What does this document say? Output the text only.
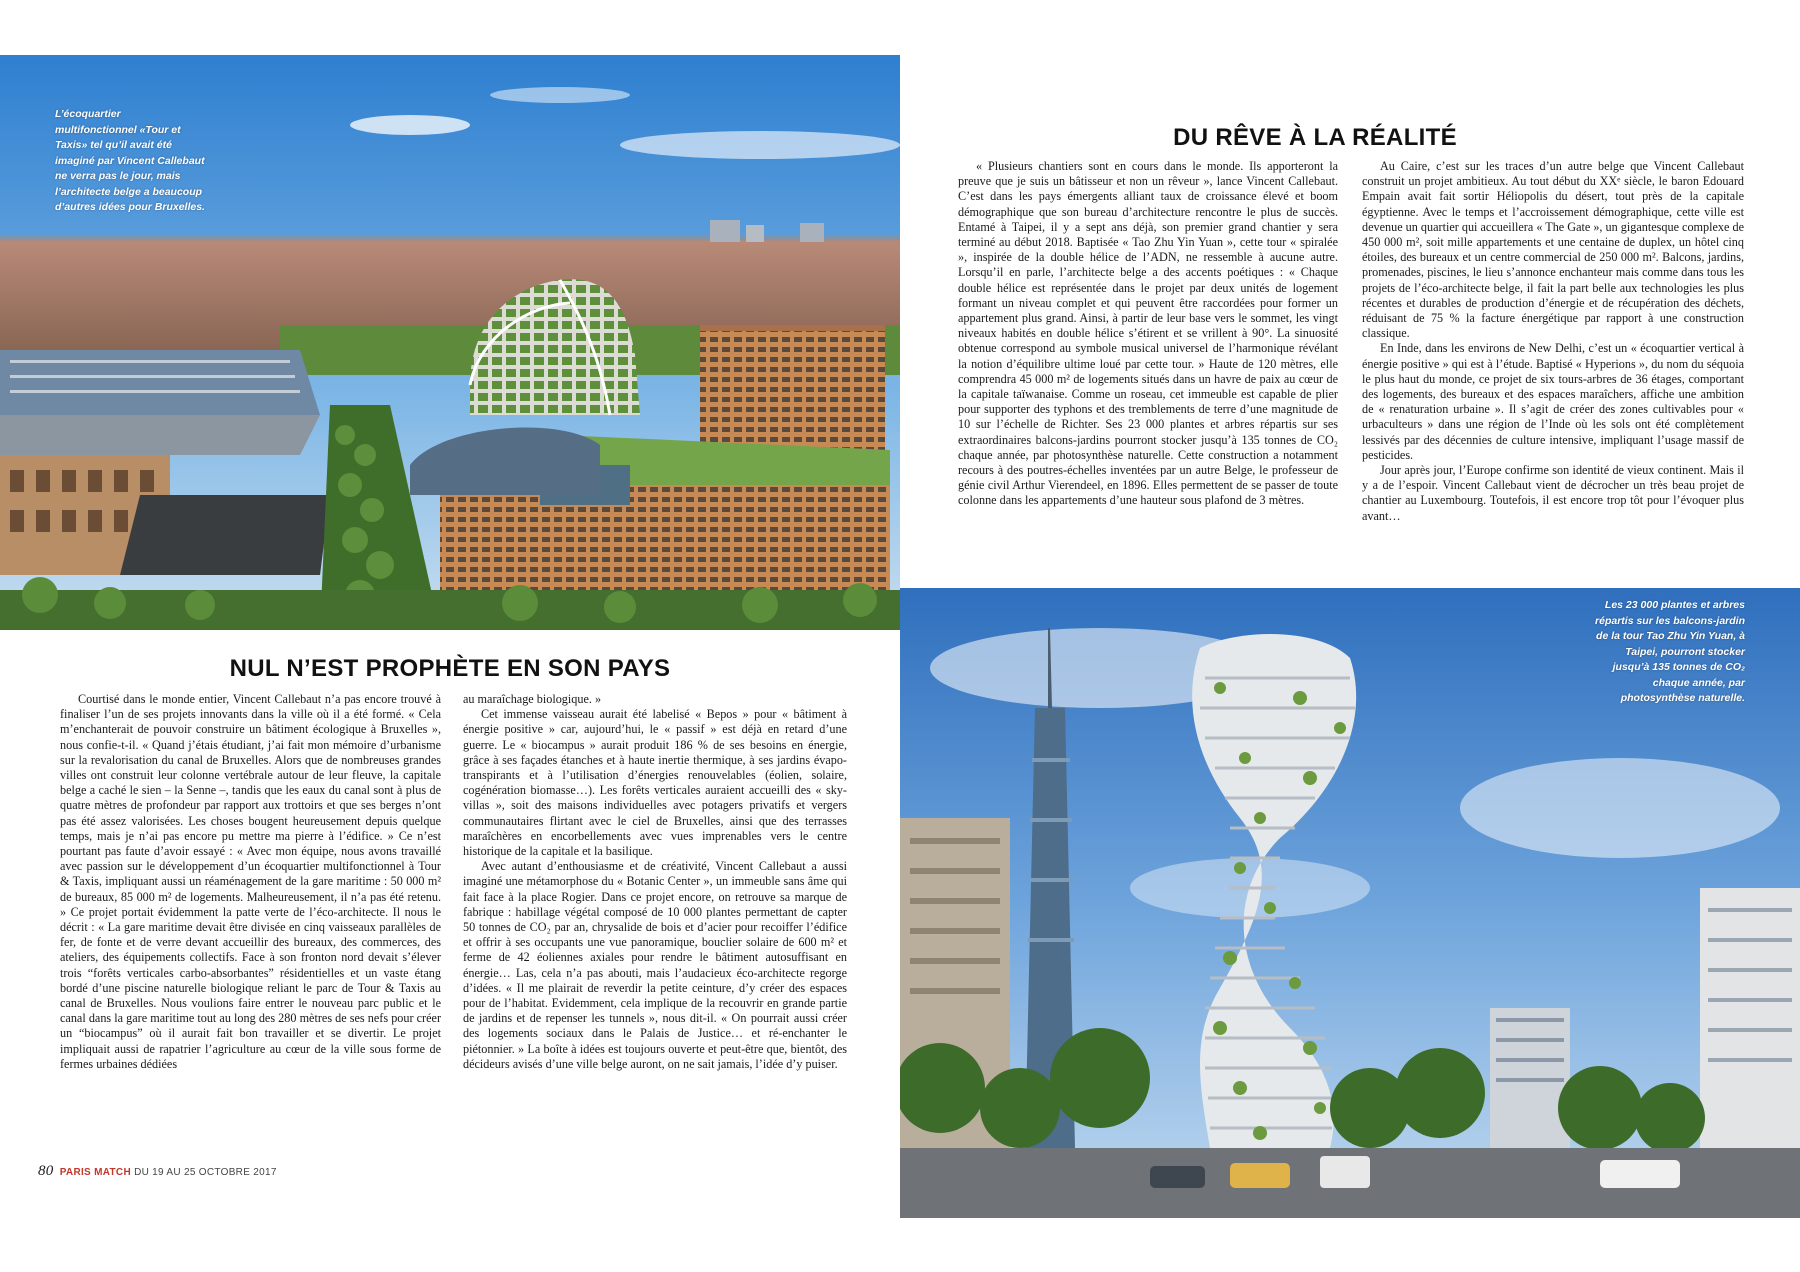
L’écoquartier multifonctionnel «Tour et Taxis» tel qu’il avait été imaginé par Vincent Callebaut ne verra pas le jour, mais l’architecte belge a beaucoup d’autres idées pour Bruxelles.
Les 23 000 plantes et arbres répartis sur les balcons-jardin de la tour Tao Zhu Yin Yuan, à Taipei, pourront stocker jusqu’à 135 tonnes de CO₂ chaque année, par photosynthèse naturelle.
DU RÊVE À LA RÉALITÉ

« Plusieurs chantiers sont en cours dans le monde. Ils apporteront la preuve que je suis un bâtisseur et non un rêveur », lance Vincent Callebaut. C’est dans les pays émergents alliant taux de croissance élevé et boom démographique que son bureau d’architecture rencontre le plus de succès. Entamé à Taipei, il y a sept ans déjà, son premier grand chantier y sera terminé au début 2018. Baptisée « Tao Zhu Yin Yuan », cette tour « spiralée », inspirée de la double hélice de l’ADN, ne ressemble à aucune autre. Lorsqu’il en parle, l’architecte belge a des accents poétiques : « Chaque double hélice est représentée dans le projet par deux unités de logement formant un niveau complet et qui peuvent être raccordées pour former un appartement plus grand. Ainsi, à partir de leur base vers le sommet, les vingt niveaux habités en double hélice s’étirent et se vrillent à 90°. La sinuosité obtenue correspond au symbole musical universel de l’harmonique révélant la notion d’équilibre ultime loué par cette tour. » Haute de 120 mètres, elle comprendra 45 000 m² de logements situés dans un havre de paix au cœur de la capitale taïwanaise. Comme un roseau, cet immeuble est capable de plier pour supporter des typhons et des tremblements de terre d’une magnitude de 10 sur l’échelle de Richter. Ses 23 000 plantes et arbres répartis sur ses extraordinaires balcons-jardins pourront stocker jusqu’à 135 tonnes de CO₂ chaque année, par photosynthèse naturelle. Cette construction a notamment recours à des poutres-échelles inventées par un autre Belge, le professeur de génie civil Arthur Vierendeel, en 1896. Elles permettent de se passer de toute colonne dans les appartements d’une hauteur sous plafond de 3 mètres.

Au Caire, c’est sur les traces d’un autre belge que Vincent Callebaut construit un projet ambitieux. Au tout début du XXᵉ siècle, le baron Edouard Empain avait fait sortir Héliopolis du désert, tout près de la capitale égyptienne. Avec le temps et l’accroissement démographique, cette ville est devenue un quartier qui accueillera « The Gate », un gigantesque complexe de 450 000 m², soit mille appartements et une centaine de duplex, un hôtel cinq étoiles, des bureaux et un centre commercial de 250 000 m². Balcons, jardins, promenades, piscines, le lieu s’annonce enchanteur mais comme dans tous les projets de l’éco-architecte belge, il fait la part belle aux technologies les plus récentes et durables de production d’énergie et de récupération des déchets, réduisant de 75 % la facture énergétique par rapport à une construction classique.

En Inde, dans les environs de New Delhi, c’est un « écoquartier vertical à énergie positive » qui est à l’étude. Baptisé « Hyperions », du nom du séquoia le plus haut du monde, ce projet de six tours-arbres de 36 étages, comportant des logements, des bureaux et des espaces maraîchers, affiche une ambition de « renaturation urbaine ». Il s’agit de créer des zones cultivables pour « urbaculteurs » dans une région de l’Inde où les sols ont été complètement lessivés par des décennies de culture intensive, impliquant l’usage massif de pesticides.

Jour après jour, l’Europe confirme son identité de vieux continent. Mais il y a de l’espoir. Vincent Callebaut vient de décrocher un très beau projet de chantier au Luxembourg. Toutefois, il est encore trop tôt pour l’évoquer plus avant…

NUL N’EST PROPHÈTE EN SON PAYS

Courtisé dans le monde entier, Vincent Callebaut n’a pas encore trouvé à finaliser l’un de ses projets innovants dans la ville où il a été formé. « Cela m’enchanterait de pouvoir construire un bâtiment écologique à Bruxelles », nous confie-t-il. « Quand j’étais étudiant, j’ai fait mon mémoire d’urbanisme sur la revalorisation du canal de Bruxelles. Alors que de nombreuses grandes villes ont construit leur colonne vertébrale autour de leur fleuve, la capitale belge a caché le sien – la Senne –, tandis que les eaux du canal sont à plus de quatre mètres de profondeur par rapport aux trottoirs et que ses berges n’ont pas été assez valorisées. Les choses bougent heureusement depuis quelque temps, mais je n’ai pas encore pu mettre ma pierre à l’édifice. » Ce n’est pourtant pas faute d’avoir essayé : « Avec mon équipe, nous avons travaillé avec passion sur le développement d’un écoquartier multifonctionnel à Tour & Taxis, impliquant aussi un réaménagement de la gare maritime : 50 000 m² de bureaux, 85 000 m² de logements. Malheureusement, il n’a pas été retenu. » Ce projet portait évidemment la patte verte de l’éco-architecte. Il nous le décrit : « La gare maritime devait être divisée en cinq vaisseaux parallèles de fer, de fonte et de verre devant accueillir des bureaux, des commerces, des ateliers, des équipements collectifs. Face à son fronton nord devait s’élever trois “forêts verticales carbo-absorbantes” résidentielles et un vaste étang bordé d’une piscine naturelle biologique reliant le parc de Tour & Taxis au canal de Bruxelles. Nous voulions faire entrer le nouveau parc public et le canal dans la gare maritime tout au long des 280 mètres de ses nefs pour créer un “biocampus” où il aurait fait bon travailler et se divertir. Le projet impliquait aussi de rapatrier l’agriculture au cœur de la ville sous forme de fermes urbaines dédiées

au maraîchage biologique. »

Cet immense vaisseau aurait été labelisé « Bepos » pour « bâtiment à énergie positive » car, aujourd’hui, le « passif » est déjà en retard d’une guerre. Le « biocampus » aurait produit 186 % de ses besoins en énergie, grâce à ses façades étanches et à haute inertie thermique, à ses jardins évapo-transpirants et à l’utilisation d’énergies renouvelables (éolien, solaire, cogénération biomasse…). Les forêts verticales auraient accueilli des « sky-villas », soit des maisons individuelles avec potagers privatifs et vergers communautaires flirtant avec le ciel de Bruxelles, ainsi que des terrasses maraîchères en encorbellements avec vues imprenables vers le centre historique de la capitale et la basilique.

Avec autant d’enthousiasme et de créativité, Vincent Callebaut a aussi imaginé une métamorphose du « Botanic Center », un immeuble sans âme qui fait face à la place Rogier. Dans ce projet encore, on retrouve sa marque de fabrique : habillage végétal composé de 10 000 plantes permettant de capter 50 tonnes de CO₂ par an, chrysalide de bois et d’acier pour recoiffer l’édifice et offrir à ses occupants une vue panoramique, bouclier solaire de 600 m² et ferme de 42 éoliennes axiales pour rendre le bâtiment autosuffisant en énergie… Las, cela n’a pas abouti, mais l’audacieux éco-architecte regorge d’idées. « Il me plairait de reverdir la petite ceinture, d’y créer des espaces pour de l’habitat. Evidemment, cela implique de la recouvrir en grande partie de jardins et de repenser les tunnels », nous dit-il. « On pourrait aussi créer des logements sociaux dans le Palais de Justice… et ré-enchanter le piétonnier. » La boîte à idées est toujours ouverte et peut-être que, bientôt, des décideurs avisés d’une ville belge auront, on ne sait jamais, l’idée d’y puiser.

80 PARIS MATCH DU 19 AU 25 OCTOBRE 2017
